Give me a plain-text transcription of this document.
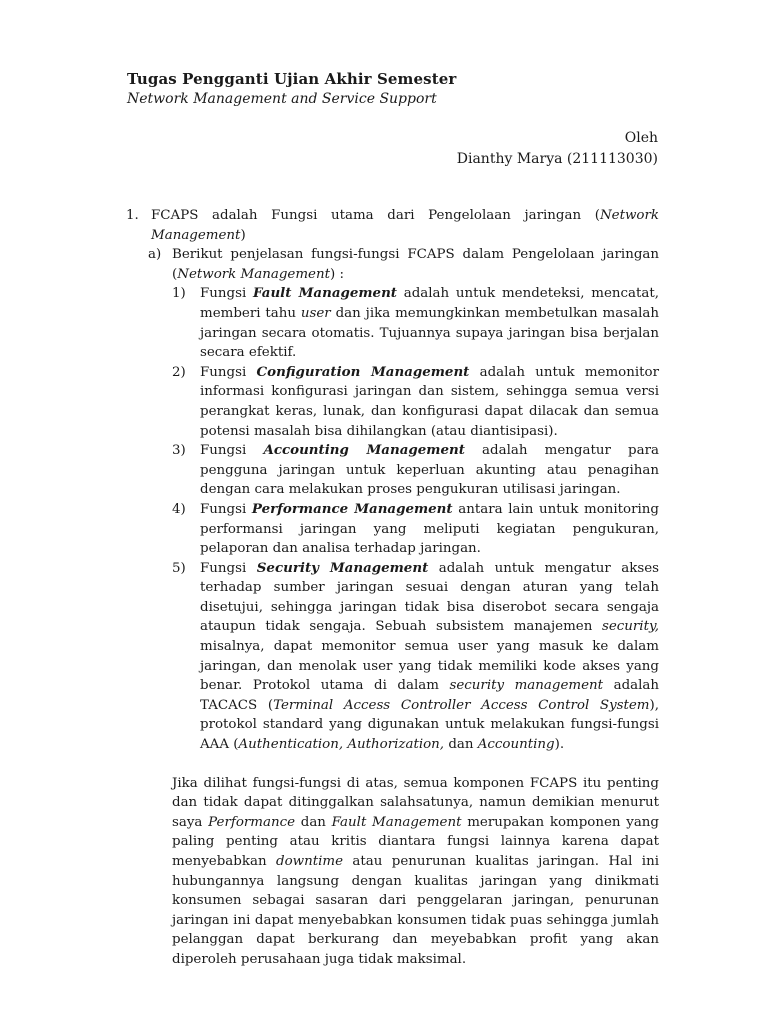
Tugas Pengganti Ujian Akhir Semester
Network Management and Service Support
Oleh
Dianthy Marya (211113030)
1. FCAPS adalah Fungsi utama dari Pengelolaan jaringan (Network Management)

a) Berikut penjelasan fungsi-fungsi FCAPS dalam Pengelolaan jaringan (Network Management) :

1) Fungsi Fault Management adalah untuk mendeteksi, mencatat, memberi tahu user dan jika memungkinkan membetulkan masalah jaringan secara otomatis. Tujuannya supaya jaringan bisa berjalan secara efektif.

2) Fungsi Configuration Management adalah untuk memonitor informasi konfigurasi jaringan dan sistem, sehingga semua versi perangkat keras, lunak, dan konfigurasi dapat dilacak dan semua potensi masalah bisa dihilangkan (atau diantisipasi).

3) Fungsi Accounting Management adalah mengatur para pengguna jaringan untuk keperluan akunting atau penagihan dengan cara melakukan proses pengukuran utilisasi jaringan.

4) Fungsi Performance Management antara lain untuk monitoring performansi jaringan yang meliputi kegiatan pengukuran, pelaporan dan analisa terhadap jaringan.

5) Fungsi Security Management adalah untuk mengatur akses terhadap sumber jaringan sesuai dengan aturan yang telah disetujui, sehingga jaringan tidak bisa diserobot secara sengaja ataupun tidak sengaja. Sebuah subsistem manajemen security, misalnya, dapat memonitor semua user yang masuk ke dalam jaringan, dan menolak user yang tidak memiliki kode akses yang benar. Protokol utama di dalam security management adalah TACACS (Terminal Access Controller Access Control System), protokol standard yang digunakan untuk melakukan fungsi-fungsi AAA (Authentication, Authorization, dan Accounting).

Jika dilihat fungsi-fungsi di atas, semua komponen FCAPS itu penting dan tidak dapat ditinggalkan salahsatunya, namun demikian menurut saya Performance dan Fault Management merupakan komponen yang paling penting atau kritis diantara fungsi lainnya karena dapat menyebabkan downtime atau penurunan kualitas jaringan. Hal ini hubungannya langsung dengan kualitas jaringan yang dinikmati konsumen sebagai sasaran dari penggelaran jaringan, penurunan jaringan ini dapat menyebabkan konsumen tidak puas sehingga jumlah pelanggan dapat berkurang dan meyebabkan profit yang akan diperoleh perusahaan juga tidak maksimal.
